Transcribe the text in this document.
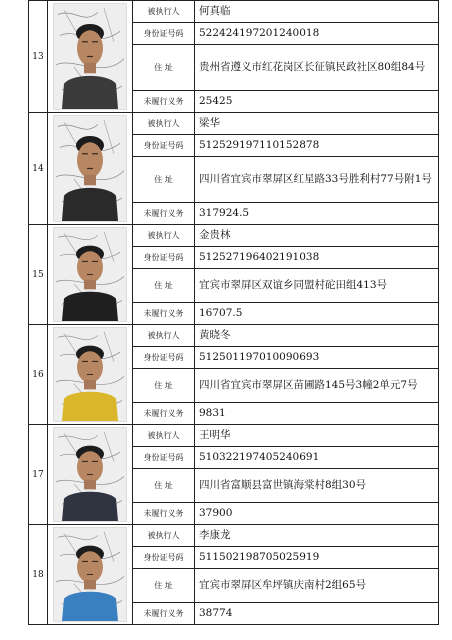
13		被执行人	何真临
		身份证号码	522424197201240018
		住 址	贵州省遵义市红花岗区长征镇民政社区80组84号
		未履行义务	25425
14		被执行人	梁华
		身份证号码	512529197110152878
		住 址	四川省宜宾市翠屏区红星路33号胜利村77号附1号
		未履行义务	317924.5
15		被执行人	金贵林
		身份证号码	512527196402191038
		住 址	宜宾市翠屏区双谊乡同盟村砣田组413号
		未履行义务	16707.5
16		被执行人	黄晓冬
		身份证号码	512501197010090693
		住 址	四川省宜宾市翠屏区苗圃路145号3幢2单元7号
		未履行义务	9831
17		被执行人	王明华
		身份证号码	510322197405240691
		住 址	四川省富顺县富世镇海棠村8组30号
		未履行义务	37900
18		被执行人	李康龙
		身份证号码	511502198705025919
		住 址	宜宾市翠屏区牟坪镇庆南村2组65号
		未履行义务	38774
